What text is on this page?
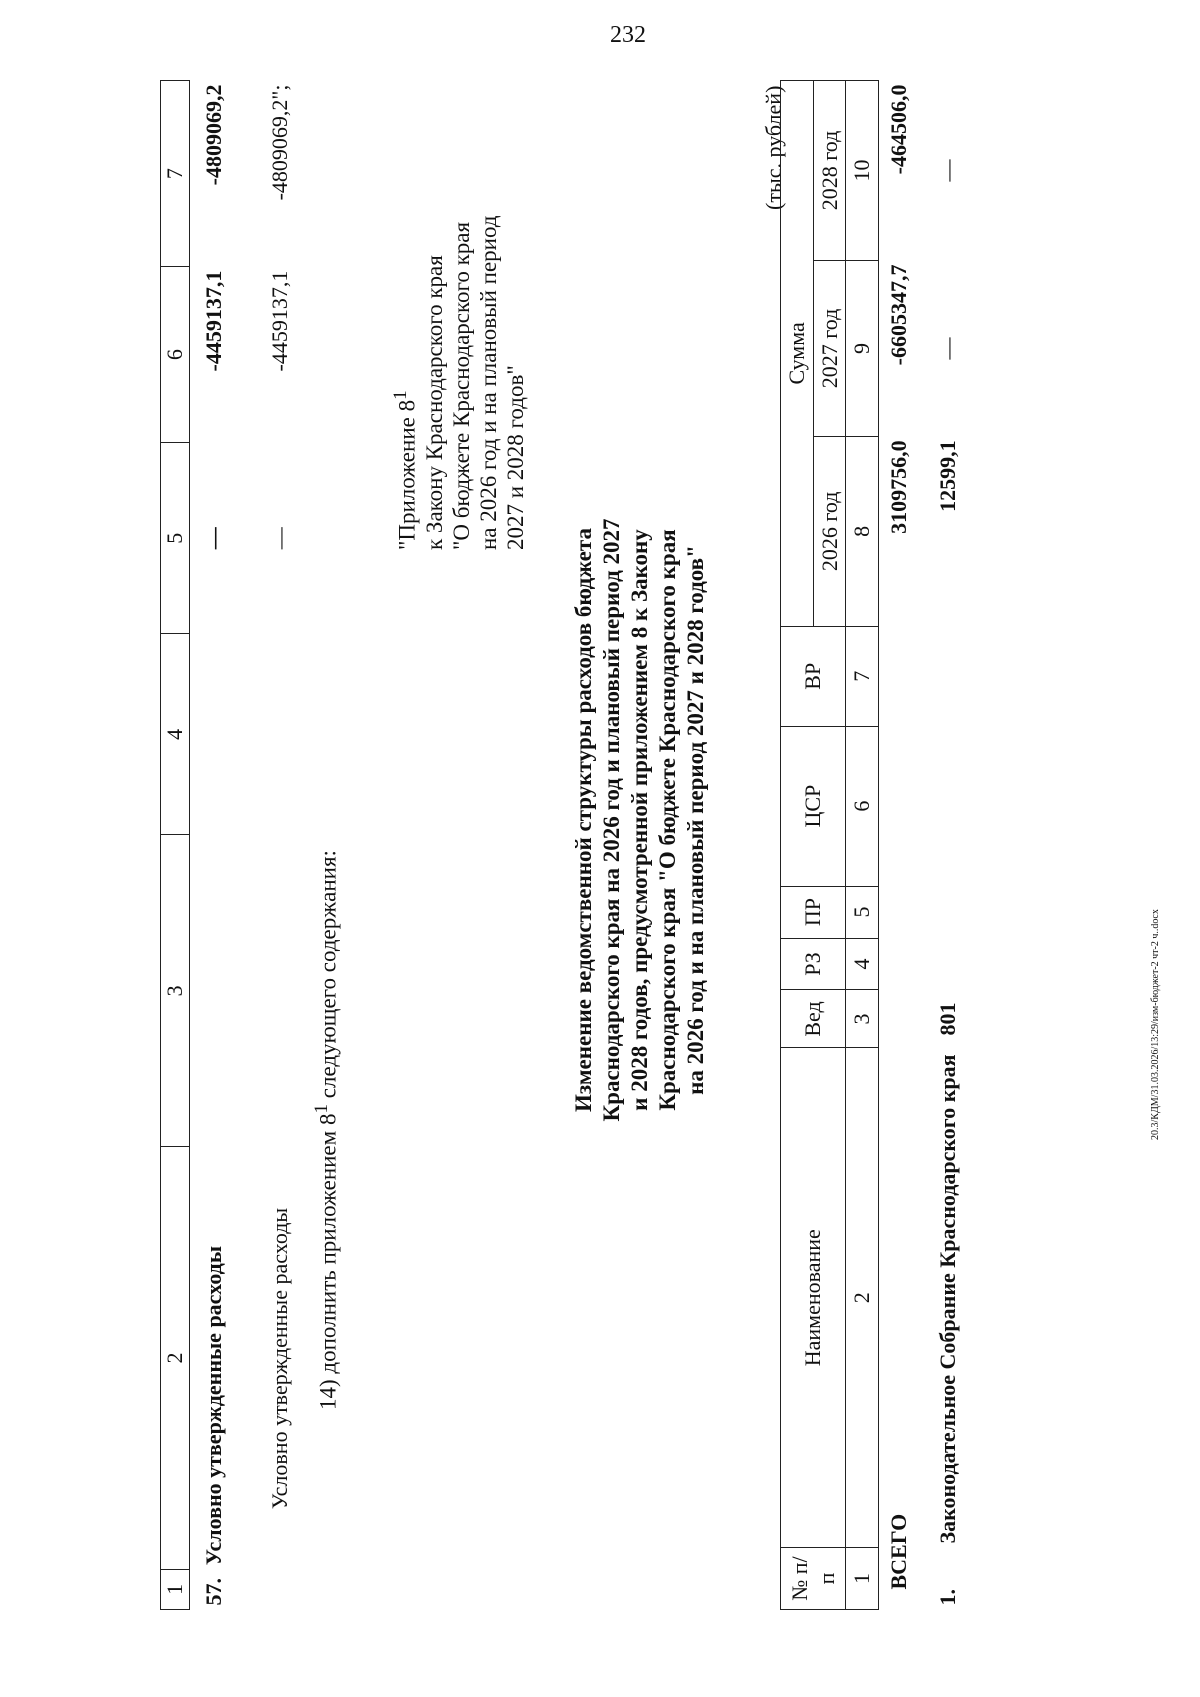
232
1	2	3	4	5	6	7
57.	Условно утвержденные расходы			—	-4459137,1	-4809069,2
	Условно утвержденные расходы			—	-4459137,1	-4809069,2";
14) дополнить приложением $8^1$ следующего содержания:
"Приложение $8^1$ к Закону Краснодарского края "О бюджете Краснодарского края на 2026 год и на плановый период 2027 и 2028 годов"
Изменение ведомственной структуры расходов бюджета Краснодарского края на 2026 год и плановый период 2027 и 2028 годов, предусмотренной приложением 8 к Закону Краснодарского края "О бюджете Краснодарского края на 2026 год и на плановый период 2027 и 2028 годов"
(тыс. рублей)
№ п/п	Наименование	Вед	РЗ	ПР	ЦСР	ВР	Сумма		
							2026 год	2027 год	2028 год
1	2	3	4	5	6	7	8	9	10
ВСЕГО							3109756,0	-6605347,7	-464506,0
1.	Законодательное Собрание Краснодарского края	801					12599,1	—	—
20.3/КДМ/31.03.2026/13:29/изм-бюджет-2 чт-2 ч..docx
